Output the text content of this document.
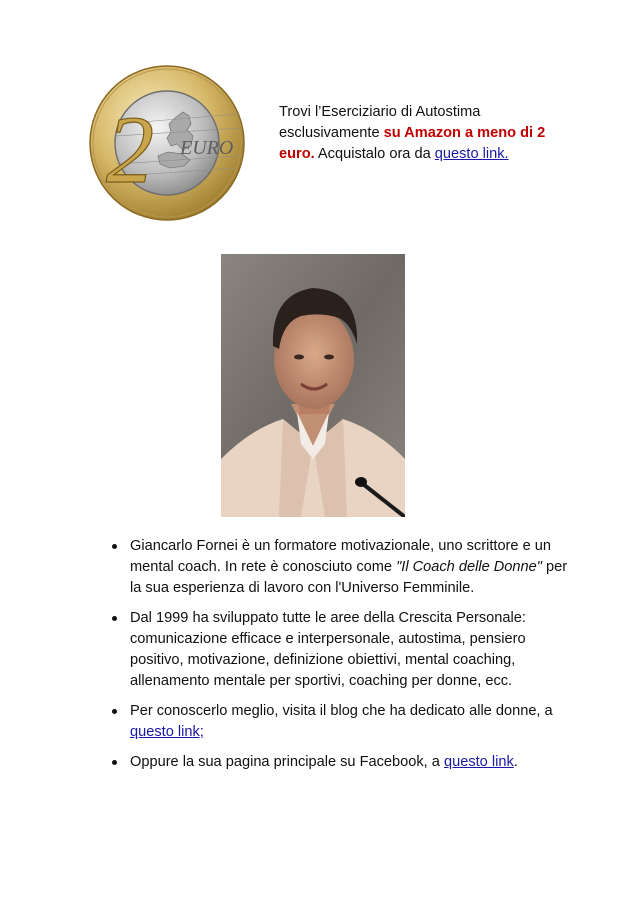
2 EURO
Trovi l’Eserciziario di Autostima
esclusivamente su Amazon a meno di 2
euro. Acquistalo ora da questo link.
Giancarlo Fornei è un formatore motivazionale, uno scrittore e un mental coach. In rete è conosciuto come "Il Coach delle Donne" per la sua esperienza di lavoro con l'Universo Femminile.
Dal 1999 ha sviluppato tutte le aree della Crescita Personale: comunicazione efficace e interpersonale, autostima, pensiero positivo, motivazione, definizione obiettivi, mental coaching, allenamento mentale per sportivi, coaching per donne, ecc.
Per conoscerlo meglio, visita il blog che ha dedicato alle donne, a questo link;
Oppure la sua pagina principale su Facebook, a questo link.
